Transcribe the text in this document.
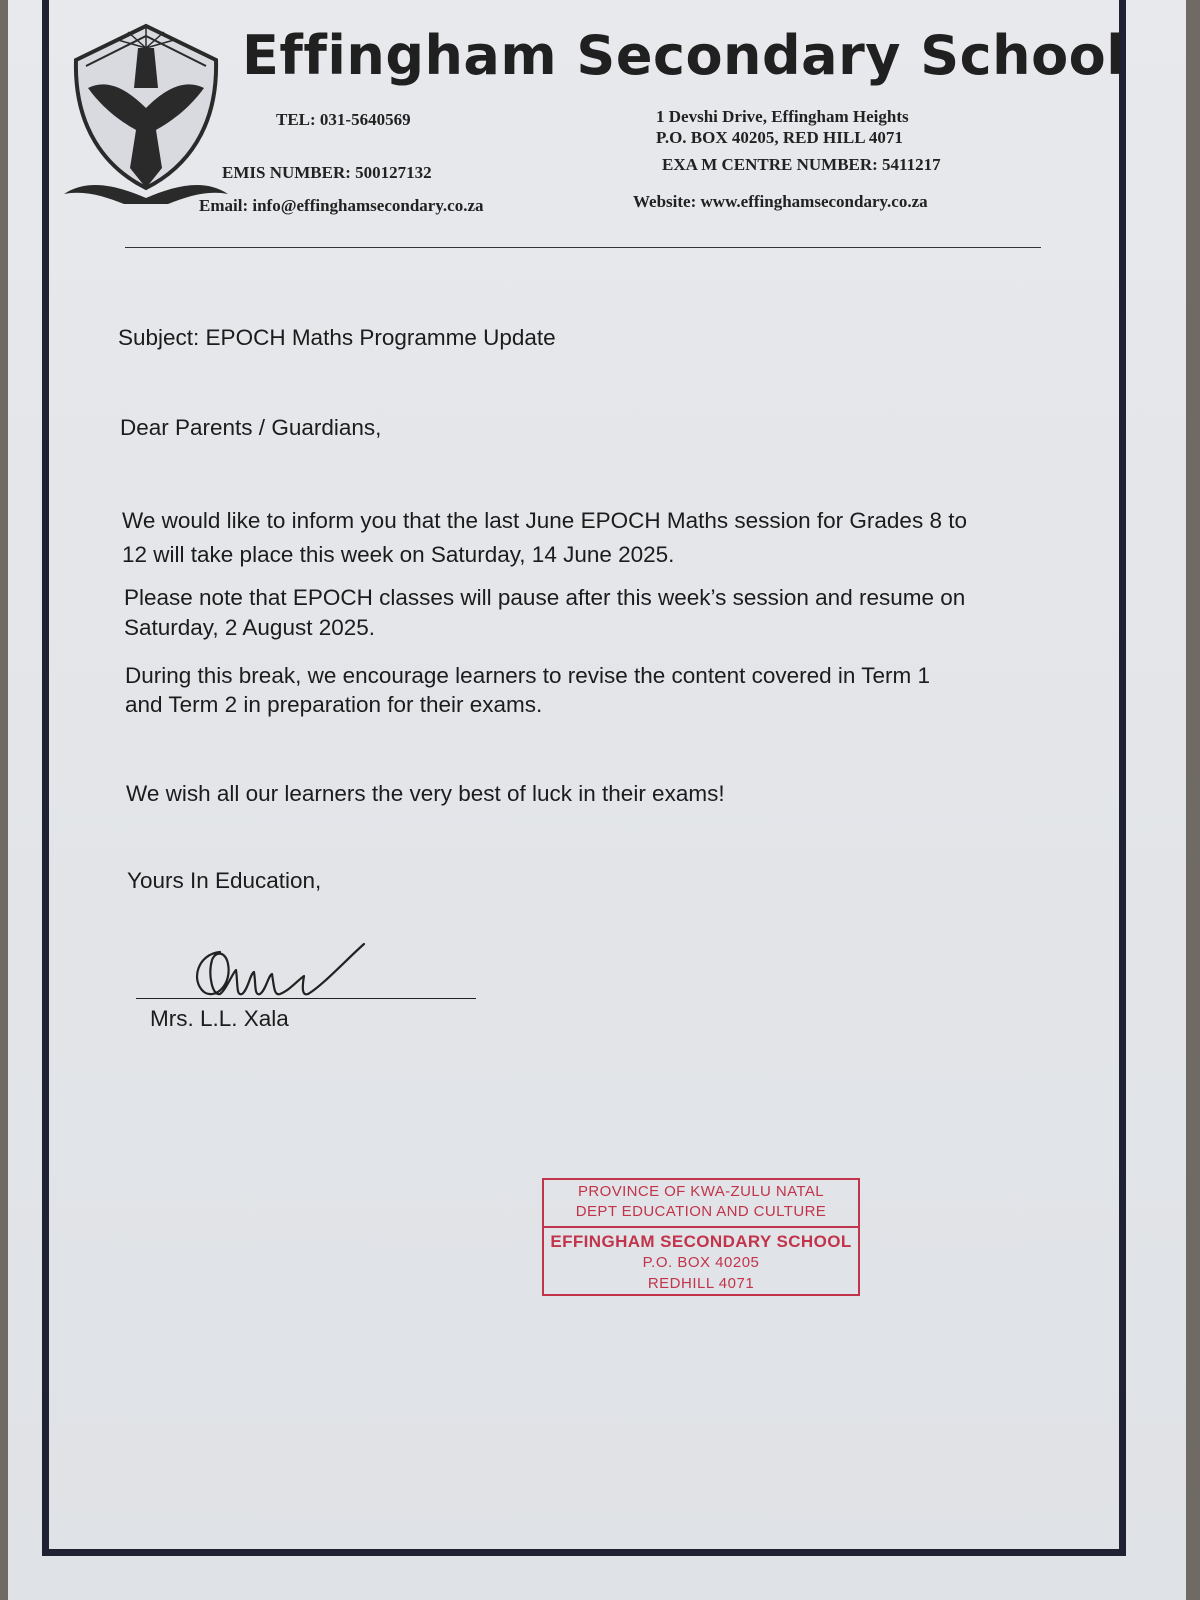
Effingham Secondary School
TEL: 031-5640569
EMIS NUMBER: 500127132
Email: info@effinghamsecondary.co.za
1 Devshi Drive, Effingham Heights
P.O. BOX 40205, RED HILL 4071
EXA M CENTRE NUMBER: 5411217
Website: www.effinghamsecondary.co.za
Subject: EPOCH Maths Programme Update
Dear Parents / Guardians,
We would like to inform you that the last June EPOCH Maths session for Grades 8 to
12 will take place this week on Saturday, 14 June 2025.
Please note that EPOCH classes will pause after this week’s session and resume on
Saturday, 2 August 2025.
During this break, we encourage learners to revise the content covered in Term 1
and Term 2 in preparation for their exams.
We wish all our learners the very best of luck in their exams!
Yours In Education,
Mrs. L.L. Xala
PROVINCE OF KWA-ZULU NATAL
DEPT EDUCATION AND CULTURE
EFFINGHAM SECONDARY SCHOOL
P.O. BOX 40205
REDHILL 4071
